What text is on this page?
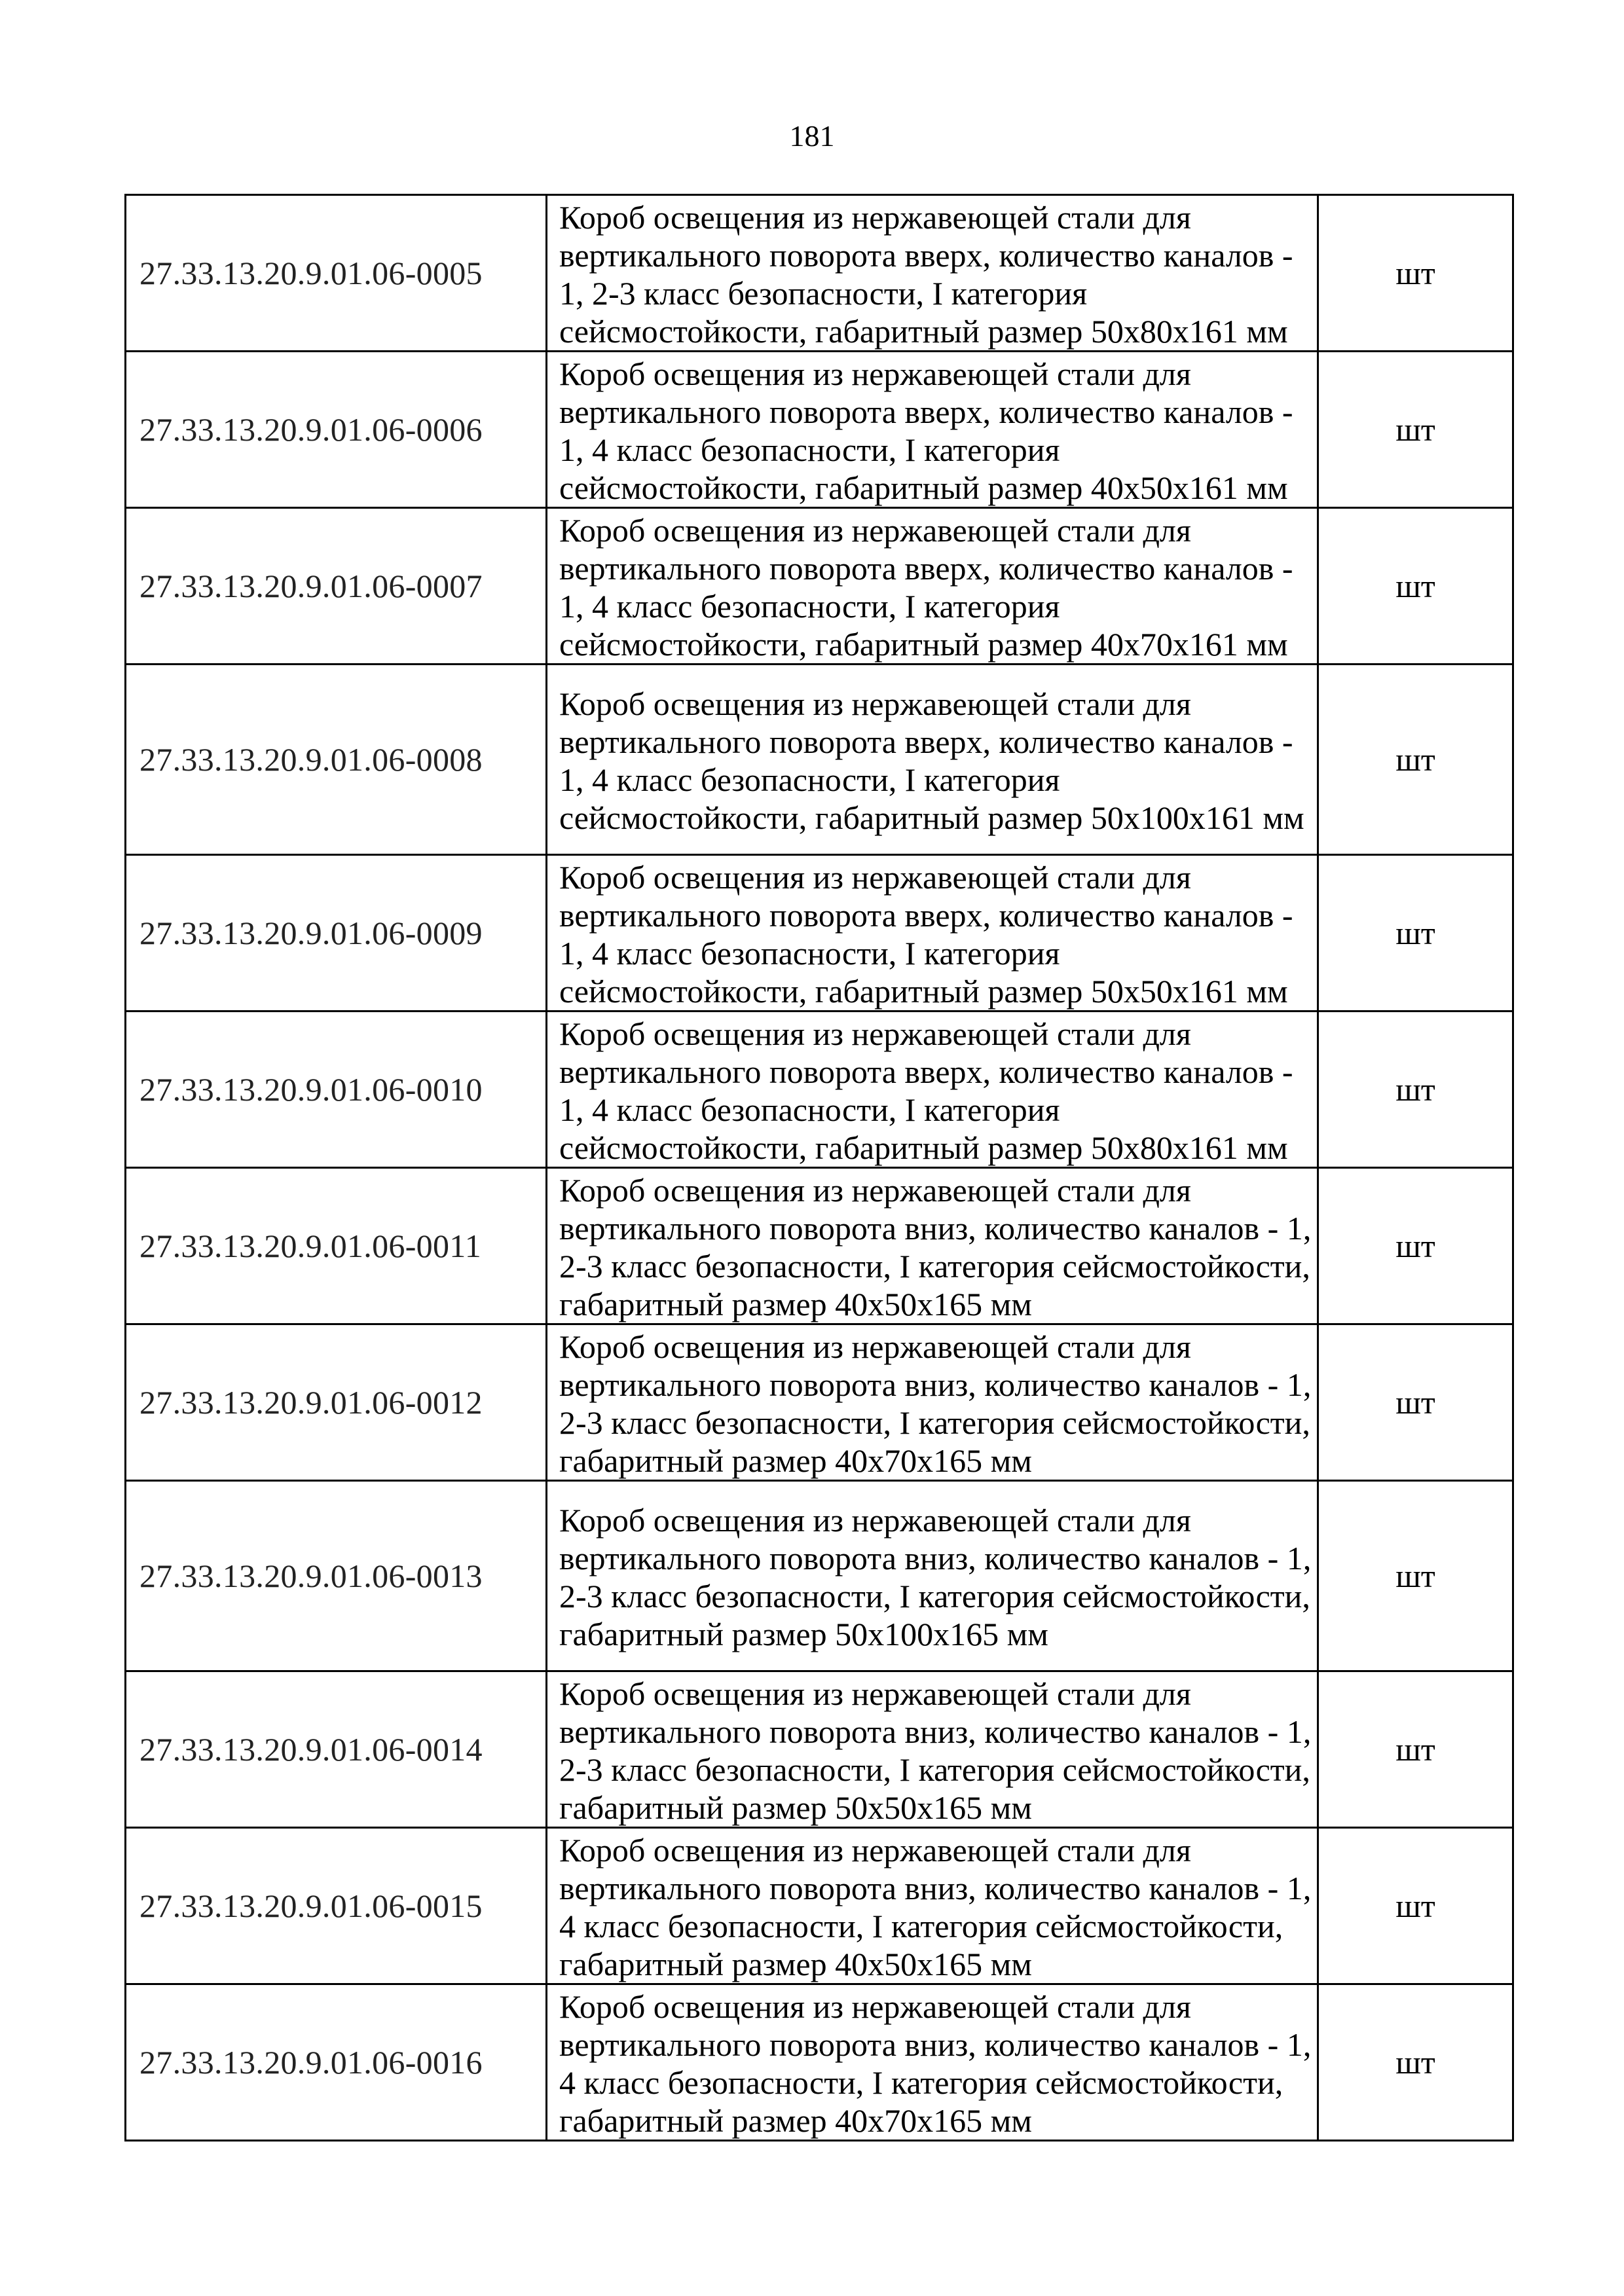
181
27.33.13.20.9.01.06-0005	Короб освещения из нержавеющей стали для вертикального поворота вверх, количество каналов - 1, 2-3 класс безопасности, I категория сейсмостойкости, габаритный размер 50х80х161 мм	шт
27.33.13.20.9.01.06-0006	Короб освещения из нержавеющей стали для вертикального поворота вверх, количество каналов - 1, 4 класс безопасности, I категория сейсмостойкости, габаритный размер 40х50х161 мм	шт
27.33.13.20.9.01.06-0007	Короб освещения из нержавеющей стали для вертикального поворота вверх, количество каналов - 1, 4 класс безопасности, I категория сейсмостойкости, габаритный размер 40х70х161 мм	шт
27.33.13.20.9.01.06-0008	Короб освещения из нержавеющей стали для вертикального поворота вверх, количество каналов - 1, 4 класс безопасности, I категория сейсмостойкости, габаритный размер 50х100х161 мм	шт
27.33.13.20.9.01.06-0009	Короб освещения из нержавеющей стали для вертикального поворота вверх, количество каналов - 1, 4 класс безопасности, I категория сейсмостойкости, габаритный размер 50х50х161 мм	шт
27.33.13.20.9.01.06-0010	Короб освещения из нержавеющей стали для вертикального поворота вверх, количество каналов - 1, 4 класс безопасности, I категория сейсмостойкости, габаритный размер 50х80х161 мм	шт
27.33.13.20.9.01.06-0011	Короб освещения из нержавеющей стали для вертикального поворота вниз, количество каналов - 1, 2-3 класс безопасности, I категория сейсмостойкости, габаритный размер 40х50х165 мм	шт
27.33.13.20.9.01.06-0012	Короб освещения из нержавеющей стали для вертикального поворота вниз, количество каналов - 1, 2-3 класс безопасности, I категория сейсмостойкости, габаритный размер 40х70х165 мм	шт
27.33.13.20.9.01.06-0013	Короб освещения из нержавеющей стали для вертикального поворота вниз, количество каналов - 1, 2-3 класс безопасности, I категория сейсмостойкости, габаритный размер 50х100х165 мм	шт
27.33.13.20.9.01.06-0014	Короб освещения из нержавеющей стали для вертикального поворота вниз, количество каналов - 1, 2-3 класс безопасности, I категория сейсмостойкости, габаритный размер 50х50х165 мм	шт
27.33.13.20.9.01.06-0015	Короб освещения из нержавеющей стали для вертикального поворота вниз, количество каналов - 1, 4 класс безопасности, I категория сейсмостойкости, габаритный размер 40х50х165 мм	шт
27.33.13.20.9.01.06-0016	Короб освещения из нержавеющей стали для вертикального поворота вниз, количество каналов - 1, 4 класс безопасности, I категория сейсмостойкости, габаритный размер 40х70х165 мм	шт
